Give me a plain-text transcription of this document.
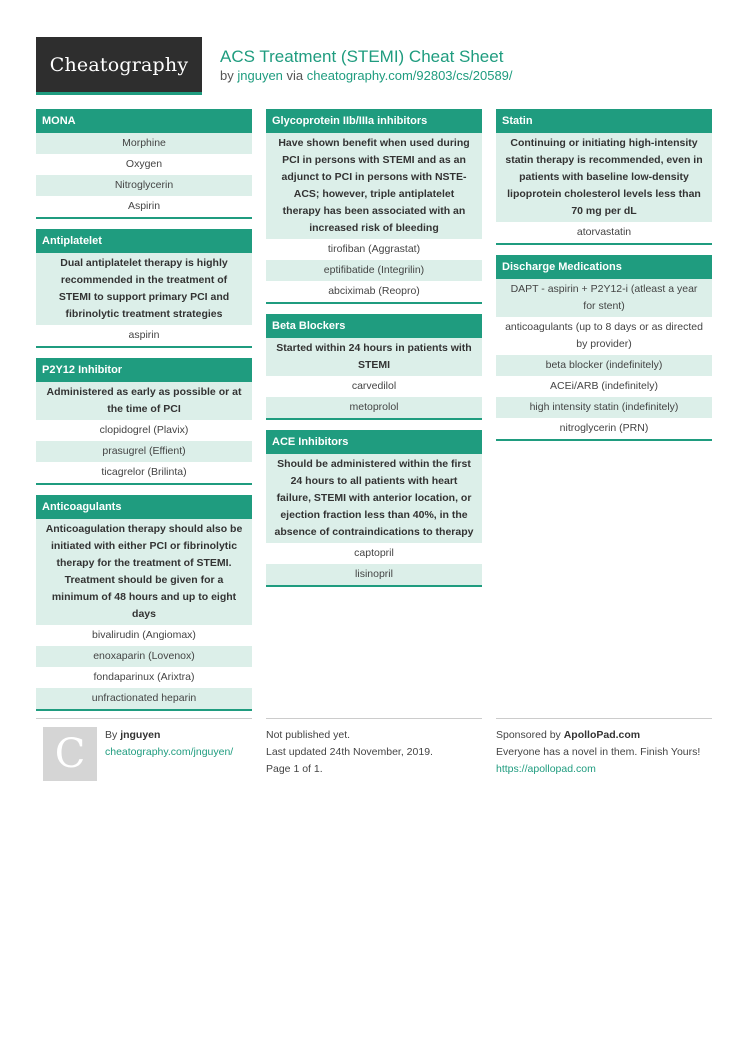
Cheatography	ACS Treatment (STEMI) Cheat Sheet
by jnguyen via cheatography.com/92803/cs/20589/
MONA
Morphine
Oxygen
Nitroglycerin
Aspirin
Antiplatelet
Dual antiplatelet therapy is highly recommended in the treatment of STEMI to support primary PCI and fibrinolytic treatment strategies
aspirin
P2Y12 Inhibitor
Administered as early as possible or at the time of PCI
clopidogrel (Plavix)
prasugrel (Effient)
ticagrelor (Brilinta)
Anticoagulants
Anticoagulation therapy should also be initiated with either PCI or fibrinolytic therapy for the treatment of STEMI. Treatment should be given for a minimum of 48 hours and up to eight days
bivalirudin (Angiomax)
enoxaparin (Lovenox)
fondaparinux (Arixtra)
unfractionated heparin
Glycoprotein IIb/IIIa inhibitors
Have shown benefit when used during PCI in persons with STEMI and as an adjunct to PCI in persons with NSTE-ACS; however, triple antiplatelet therapy has been associated with an increased risk of bleeding
tirofiban (Aggrastat)
eptifibatide (Integrilin)
abciximab (Reopro)
Beta Blockers
Started within 24 hours in patients with STEMI
carvedilol
metoprolol
ACE Inhibitors
Should be administered within the first 24 hours to all patients with heart failure, STEMI with anterior location, or ejection fraction less than 40%, in the absence of contraindications to therapy
captopril
lisinopril
Statin
Continuing or initiating high-intensity statin therapy is recommended, even in patients with baseline low-density lipoprotein cholesterol levels less than 70 mg per dL
atorvastatin
Discharge Medications
DAPT - aspirin + P2Y12-i (atleast a year for stent)
anticoagulants (up to 8 days or as directed by provider)
beta blocker (indefinitely)
ACEi/ARB (indefinitely)
high intensity statin (indefinitely)
nitroglycerin (PRN)
C	By jnguyen
cheatography.com/jnguyen/
Not published yet.
Last updated 24th November, 2019.
Page 1 of 1.
Sponsored by ApolloPad.com
Everyone has a novel in them. Finish Yours!
https://apollopad.com
